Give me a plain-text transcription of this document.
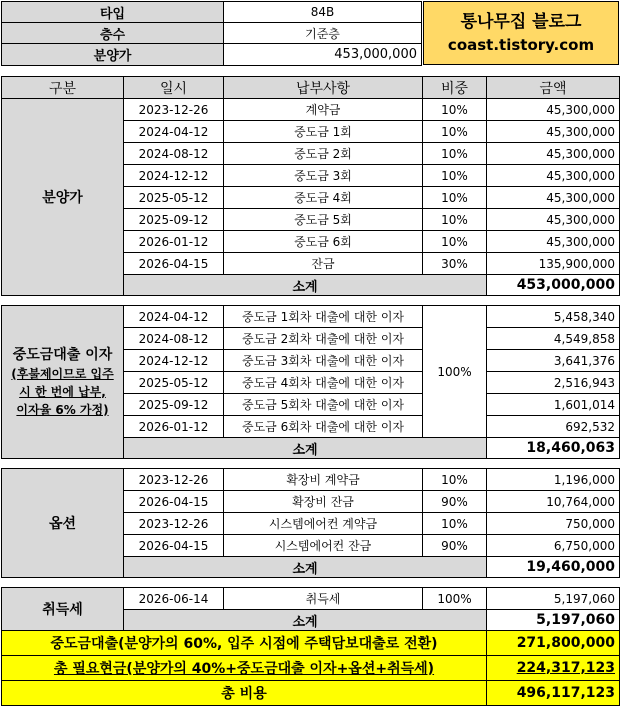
타입	84B
층수	기준층
분양가	453,000,000
통나무집 블로그
coast.tistory.com
구분	일시	납부사항	비중	금액
분양가	2023-12-26	계약금	10%	45,300,000
	2024-04-12	중도금 1회	10%	45,300,000
	2024-08-12	중도금 2회	10%	45,300,000
	2024-12-12	중도금 3회	10%	45,300,000
	2025-05-12	중도금 4회	10%	45,300,000
	2025-09-12	중도금 5회	10%	45,300,000
	2026-01-12	중도금 6회	10%	45,300,000
	2026-04-15	잔금	30%	135,900,000
	소계			453,000,000

중도금대출 이자
(후불제이므로 입주
시 한 번에 납부,
이자율 6% 가정)	2024-04-12	중도금 1회차 대출에 대한 이자	100%	5,458,340
	2024-08-12	중도금 2회차 대출에 대한 이자		4,549,858
	2024-12-12	중도금 3회차 대출에 대한 이자		3,641,376
	2025-05-12	중도금 4회차 대출에 대한 이자		2,516,943
	2025-09-12	중도금 5회차 대출에 대한 이자		1,601,014
	2026-01-12	중도금 6회차 대출에 대한 이자		692,532
	소계			18,460,063

옵션	2023-12-26	확장비 계약금	10%	1,196,000
	2026-04-15	확장비 잔금	90%	10,764,000
	2023-12-26	시스템에어컨 계약금	10%	750,000
	2026-04-15	시스템에어컨 잔금	90%	6,750,000
	소계			19,460,000

취득세	2026-06-14	취득세	100%	5,197,060
	소계			5,197,060
중도금대출(분양가의 60%, 입주 시점에 주택담보대출로 전환)				271,800,000
총 필요현금(분양가의 40%+중도금대출 이자+옵션+취득세)				224,317,123
총 비용				496,117,123
